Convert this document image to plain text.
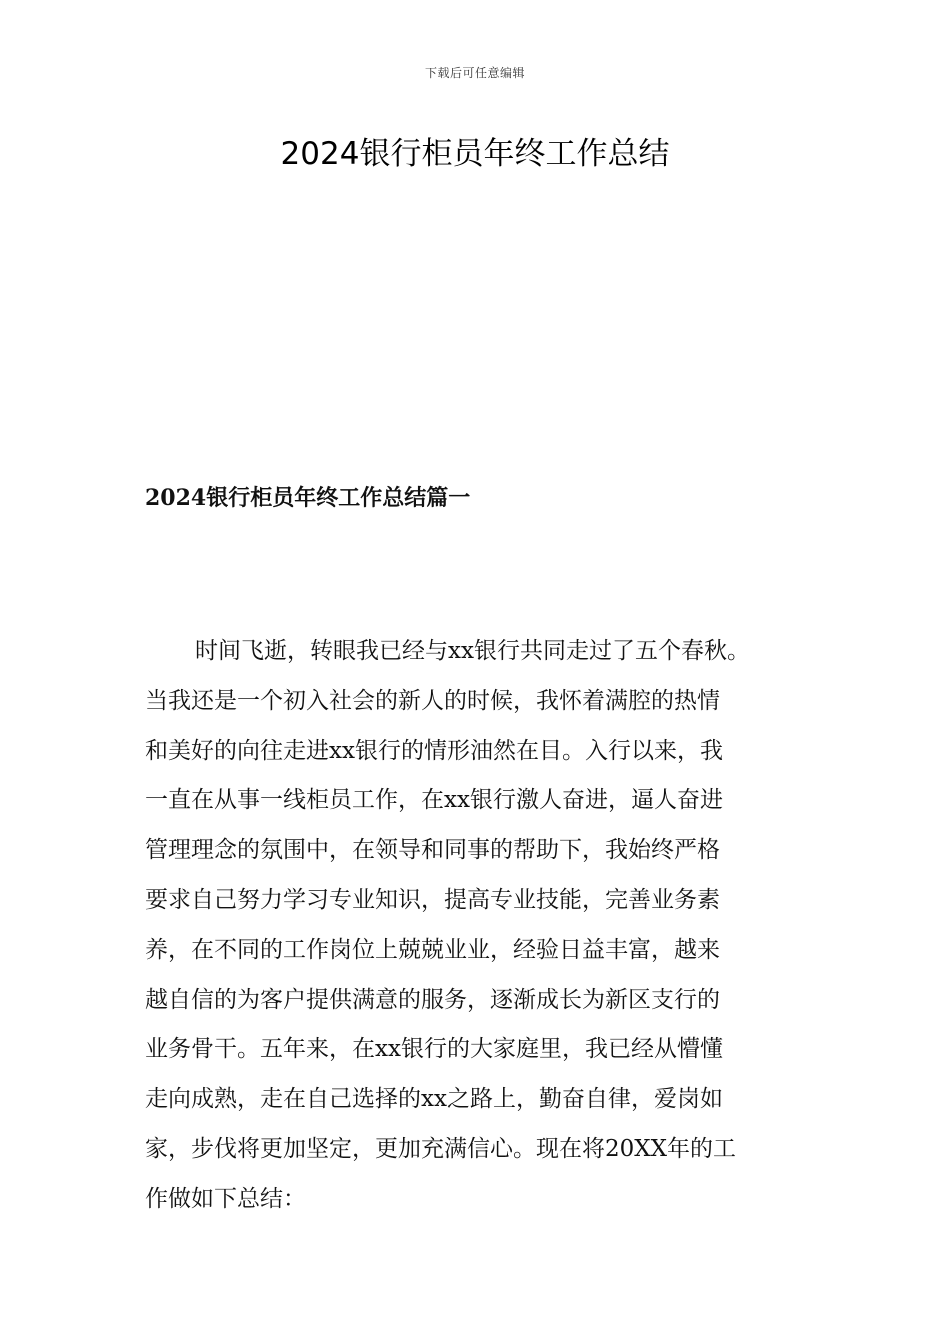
下载后可任意编辑
2024银行柜员年终工作总结
2024银行柜员年终工作总结篇一

时间飞逝，转眼我已经与xx银行共同走过了五个春秋。
当我还是一个初入社会的新人的时候，我怀着满腔的热情
和美好的向往走进xx银行的情形油然在目。入行以来，我
一直在从事一线柜员工作，在xx银行激人奋进，逼人奋进
管理理念的氛围中，在领导和同事的帮助下，我始终严格
要求自己努力学习专业知识，提高专业技能，完善业务素
养，在不同的工作岗位上兢兢业业，经验日益丰富，越来
越自信的为客户提供满意的服务，逐渐成长为新区支行的
业务骨干。五年来，在xx银行的大家庭里，我已经从懵懂
走向成熟，走在自己选择的xx之路上，勤奋自律，爱岗如
家，步伐将更加坚定，更加充满信心。现在将20XX年的工
作做如下总结：
